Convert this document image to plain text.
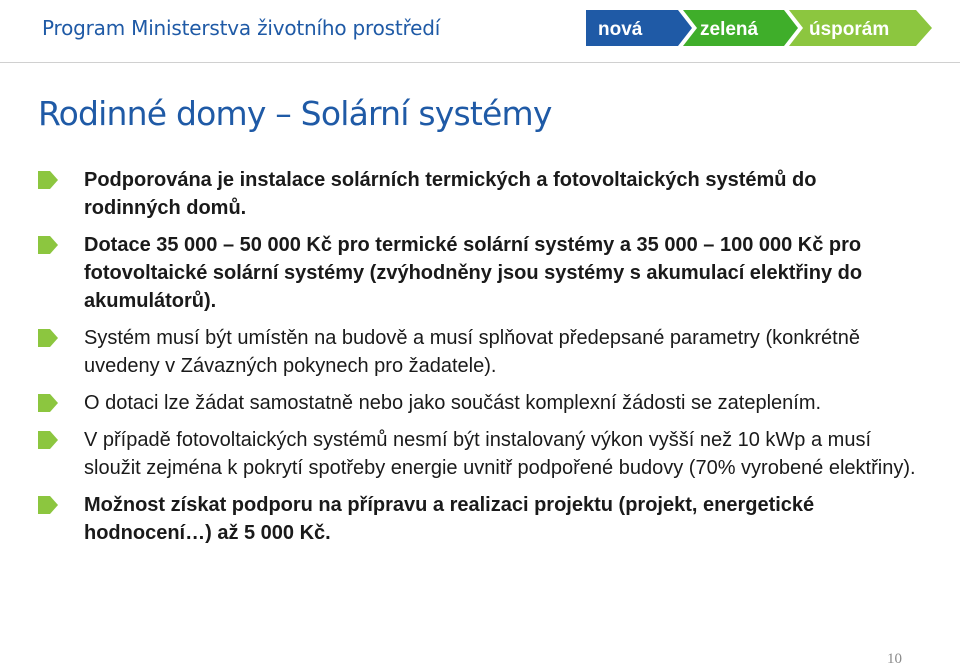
Program Ministerstva životního prostředí	nová	zelená	úsporám
Rodinné domy – Solární systémy
Podporována je instalace solárních termických a fotovoltaických systémů do rodinných domů.
Dotace 35 000 – 50 000 Kč pro termické solární systémy a 35 000 – 100 000 Kč pro fotovoltaické solární systémy (zvýhodněny jsou systémy s akumulací elektřiny do akumulátorů).
Systém musí být umístěn na budově a musí splňovat předepsané parametry (konkrétně uvedeny v Závazných pokynech pro žadatele).
O dotaci lze žádat samostatně nebo jako součást komplexní žádosti se zateplením.
V případě fotovoltaických systémů nesmí být instalovaný výkon vyšší než 10 kWp a musí sloužit zejména k pokrytí spotřeby energie uvnitř podpořené budovy (70% vyrobené elektřiny).
Možnost získat podporu na přípravu a realizaci projektu (projekt, energetické hodnocení…) až 5 000 Kč.
10
